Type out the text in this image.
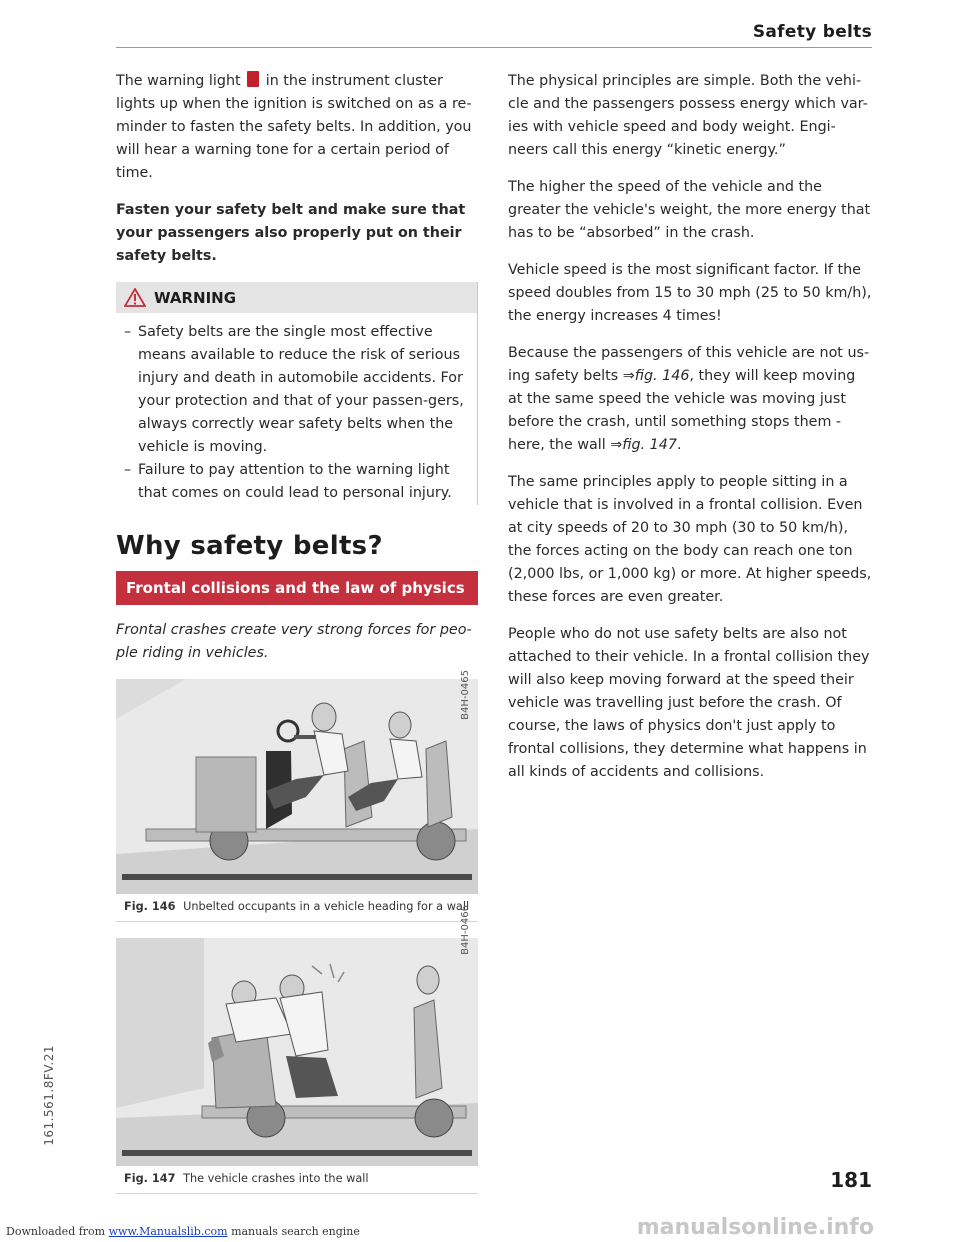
Safety belts

The warning light in the instrument cluster lights up when the ignition is switched on as a re-minder to fasten the safety belts. In addition, you will hear a warning tone for a certain period of time.

Fasten your safety belt and make sure that your passengers also properly put on their safety belts.

WARNING
– Safety belts are the single most effective means available to reduce the risk of serious injury and death in automobile accidents. For your protection and that of your passen-gers, always correctly wear safety belts when the vehicle is moving.
– Failure to pay attention to the warning light that comes on could lead to personal injury.
Why safety belts?
Frontal collisions and the law of physics

Frontal crashes create very strong forces for peo-ple riding in vehicles.

Fig. 146 Unbelted occupants in a vehicle heading for a wall
Fig. 147 The vehicle crashes into the wall
B4H-0465
B4H-0466

The physical principles are simple. Both the vehi-cle and the passengers possess energy which var-ies with vehicle speed and body weight. Engi-neers call this energy “kinetic energy.”

The higher the speed of the vehicle and the greater the vehicle's weight, the more energy that has to be “absorbed” in the crash.

Vehicle speed is the most significant factor. If the speed doubles from 15 to 30 mph (25 to 50 km/h), the energy increases 4 times!

Because the passengers of this vehicle are not us-ing safety belts ⇒fig. 146, they will keep moving at the same speed the vehicle was moving just before the crash, until something stops them - here, the wall ⇒fig. 147.

The same principles apply to people sitting in a vehicle that is involved in a frontal collision. Even at city speeds of 20 to 30 mph (30 to 50 km/h), the forces acting on the body can reach one ton (2,000 lbs, or 1,000 kg) or more. At higher speeds, these forces are even greater.

People who do not use safety belts are also not attached to their vehicle. In a frontal collision they will also keep moving forward at the speed their vehicle was travelling just before the crash. Of course, the laws of physics don't just apply to frontal collisions, they determine what happens in all kinds of accidents and collisions.

161.561.8FV.21
181
Downloaded from www.Manualslib.com manuals search engine	manualsonline.info
